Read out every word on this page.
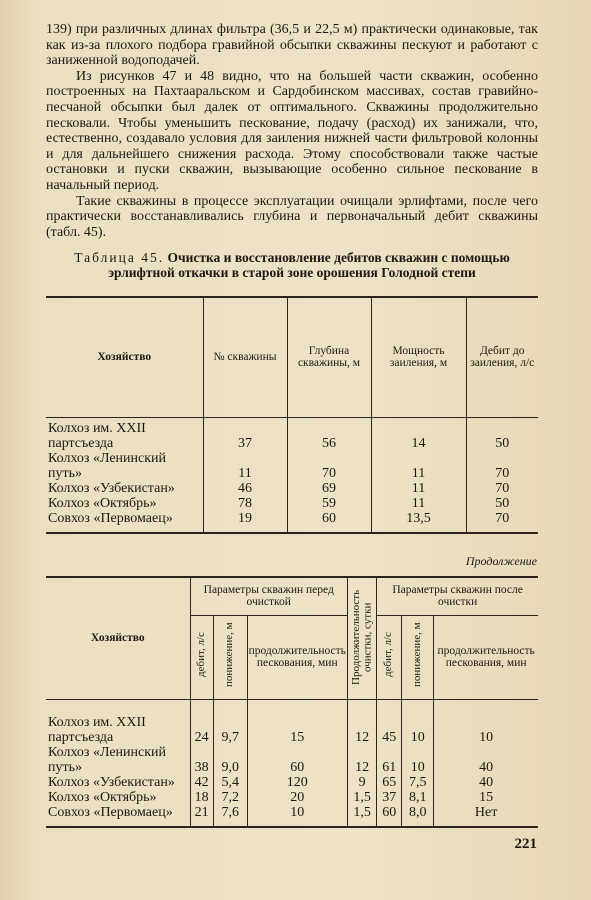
139) при различных длинах фильтра (36,5 и 22,5 м) практически одинаковые, так как из-за плохого подбора гравийной обсыпки скважины пескуют и работают с заниженной водоподачей.

Из рисунков 47 и 48 видно, что на большей части скважин, особенно построенных на Пахтааральском и Сардобинском массивах, состав гравийно-песчаной обсыпки был далек от оптимального. Скважины продолжительно песковали. Чтобы уменьшить пескование, подачу (расход) их занижали, что, естественно, создавало условия для заиления нижней части фильтровой колонны и для дальнейшего снижения расхода. Этому способствовали также частые остановки и пуски скважин, вызывающие особенно сильное пескование в начальный период.

Такие скважины в процессе эксплуатации очищали эрлифтами, после чего практически восстанавливались глубина и первоначальный дебит скважины (табл. 45).

Таблица 45. Очистка и восстановление дебитов скважин с помощью эрлифтной откачки в старой зоне орошения Голодной степи
Хозяйство	№ скважины	Глубина скважины, м	Мощность заиления, м	Дебит до заиления, л/с
Колхоз им. XXII партсъезда	37	56	14	50
Колхоз «Ленинский путь»	11	70	11	70
Колхоз «Узбекистан»	46	69	11	70
Колхоз «Октябрь»	78	59	11	50
Совхоз «Первомаец»	19	60	13,5	70
Продолжение
Хозяйство	Параметры скважин перед очисткой			Продолжительность очистки, сутки	Параметры скважин после очистки		
	дебит, л/с	понижение, м	продолжительность пескования, мин		дебит, л/с	понижение, м	продолжительность пескования, мин
Колхоз им. XXII партсъезда	24	9,7	15	12	45	10	10
Колхоз «Ленинский путь»	38	9,0	60	12	61	10	40
Колхоз «Узбекистан»	42	5,4	120	9	65	7,5	40
Колхоз «Октябрь»	18	7,2	20	1,5	37	8,1	15
Совхоз «Первомаец»	21	7,6	10	1,5	60	8,0	Нет
221
